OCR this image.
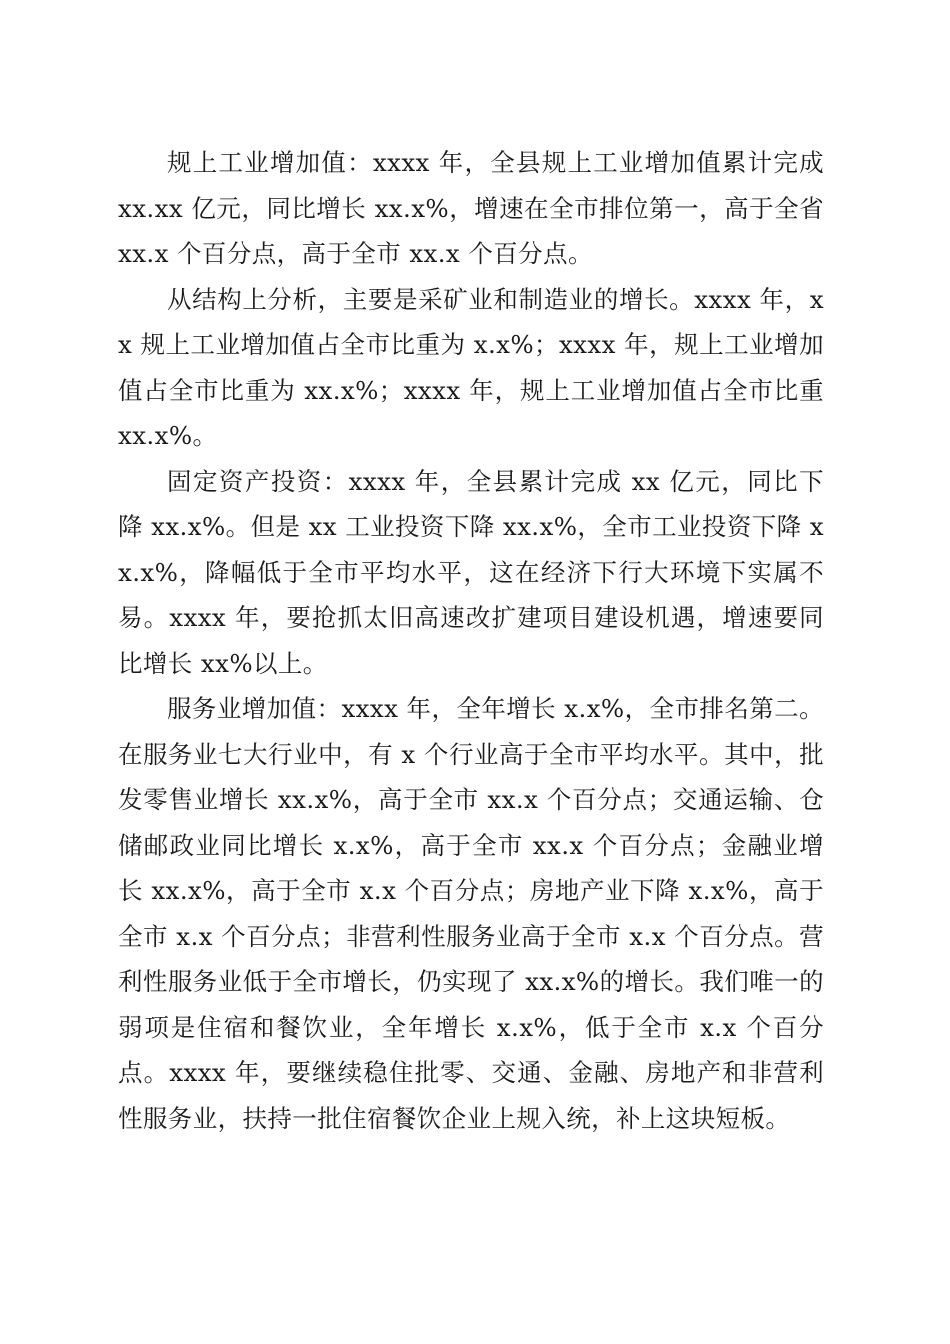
规上工业增加值：xxxx 年，全县规上工业增加值累计完成 xx.xx 亿元，同比增长 xx.x%，增速在全市排位第一，高于全省 xx.x 个百分点，高于全市 xx.x 个百分点。

从结构上分析，主要是采矿业和制造业的增长。xxxx 年，xx 规上工业增加值占全市比重为 x.x%；xxxx 年，规上工业增加值占全市比重为 xx.x%；xxxx 年，规上工业增加值占全市比重 xx.x%。

固定资产投资：xxxx 年，全县累计完成 xx 亿元，同比下降 xx.x%。但是 xx 工业投资下降 xx.x%，全市工业投资下降 xx.x%，降幅低于全市平均水平，这在经济下行大环境下实属不易。xxxx 年，要抢抓太旧高速改扩建项目建设机遇，增速要同比增长 xx%以上。

服务业增加值：xxxx 年，全年增长 x.x%，全市排名第二。在服务业七大行业中，有 x 个行业高于全市平均水平。其中，批发零售业增长 xx.x%，高于全市 xx.x 个百分点；交通运输、仓储邮政业同比增长 x.x%，高于全市 xx.x 个百分点；金融业增长 xx.x%，高于全市 x.x 个百分点；房地产业下降 x.x%，高于全市 x.x 个百分点；非营利性服务业高于全市 x.x 个百分点。营利性服务业低于全市增长，仍实现了 xx.x%的增长。我们唯一的弱项是住宿和餐饮业，全年增长 x.x%，低于全市 x.x 个百分点。xxxx 年，要继续稳住批零、交通、金融、房地产和非营利性服务业，扶持一批住宿餐饮企业上规入统，补上这块短板。
